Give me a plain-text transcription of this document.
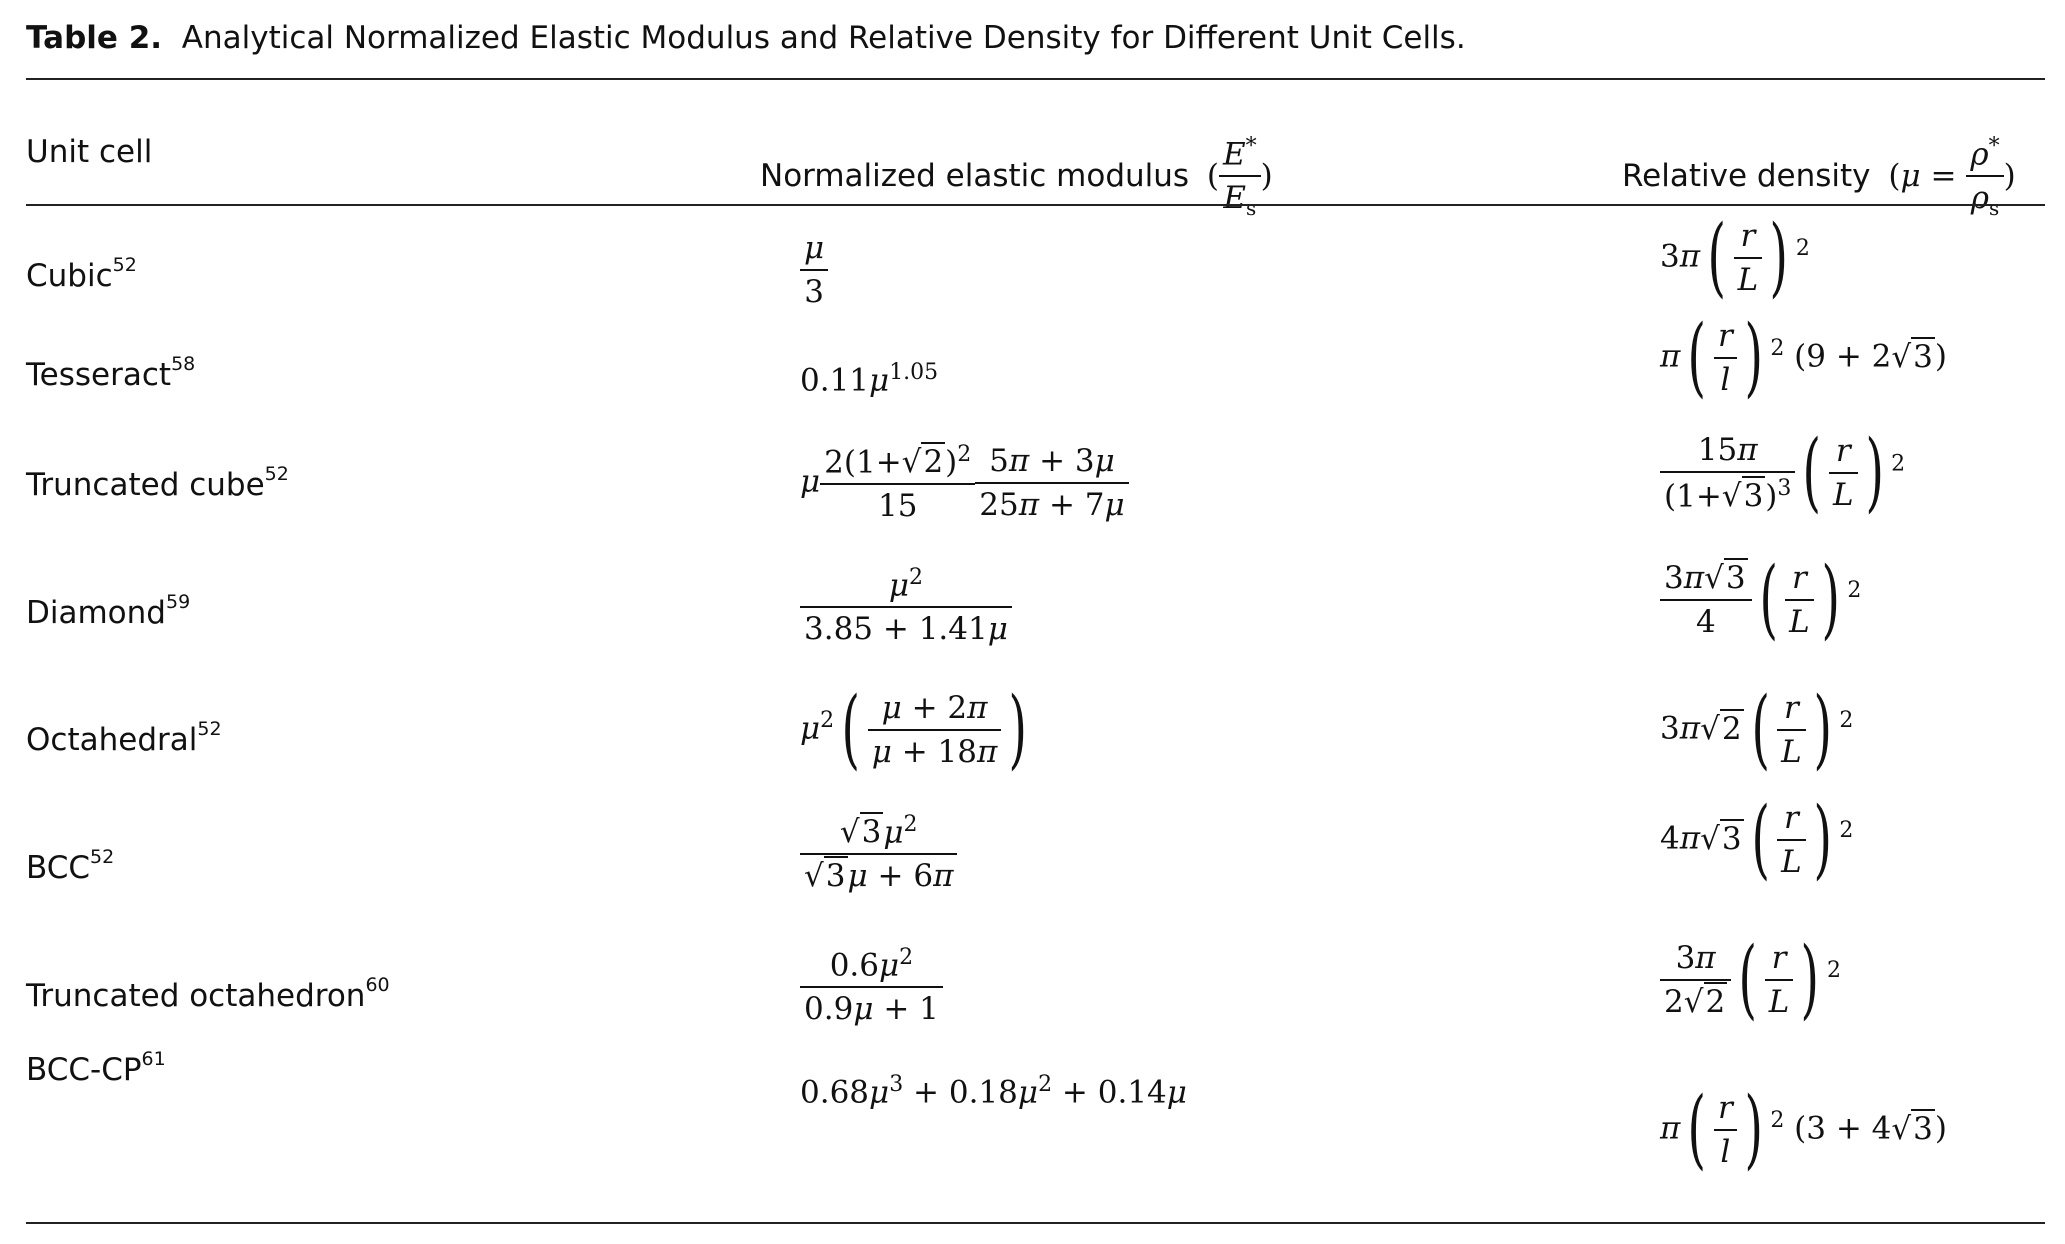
Table 2. Analytical Normalized Elastic Modulus and Relative Density for Different Unit Cells.
Unit cell
Normalized elastic modulus ( $\frac{E^*}{E_s}$ )	Relative density ($\mu = \frac{\rho^*}{\rho_s}$ )
Cubic$^{52}$
Tesseract$^{58}$
Truncated cube$^{52}$
Diamond$^{59}$
Octahedral$^{52}$
BCC$^{52}$
Truncated octahedron$^{60}$
BCC-CP$^{61}$
$\frac{\mu}{3}$
$0.11\mu^{1.05}$
μ $\frac{2(1+√2)^2}{15} \frac{5\pi + 3\mu}{25\pi + 7\mu}$
$\frac{\mu^2}{3.85 + 1.41\mu}$
$\mu^2( \frac{\mu + 2\pi}{\mu + 18\pi}$ )
$\frac{√3\mu^2}{√3\mu + 6\pi}$
$\frac{0.6\mu^2}{0.9\mu + 1}$
$0.68\mu^3 + 0.18\mu^2 + 0.14\mu$
$3\pi( \frac{r}{L}$ ) $^2$
$\pi( \frac{r}{l}$ ) $^2$ (9 + 2√3)
$\frac{15\pi}{(1+√3)^3}$ ( $\frac{r}{L}$ ) $^2$
$\frac{3\pi√3}{4}$ ( $\frac{r}{L}$ ) $^2$
3π√2 ( $\frac{r}{L}$ ) $^2$
4π√3 ( $\frac{r}{L}$ ) $^2$
$\frac{3\pi}{2√2}$ ( $\frac{r}{L}$ ) $^2$
$\pi( \frac{r}{l}$ ) $^2$ (3 + 4√3)
